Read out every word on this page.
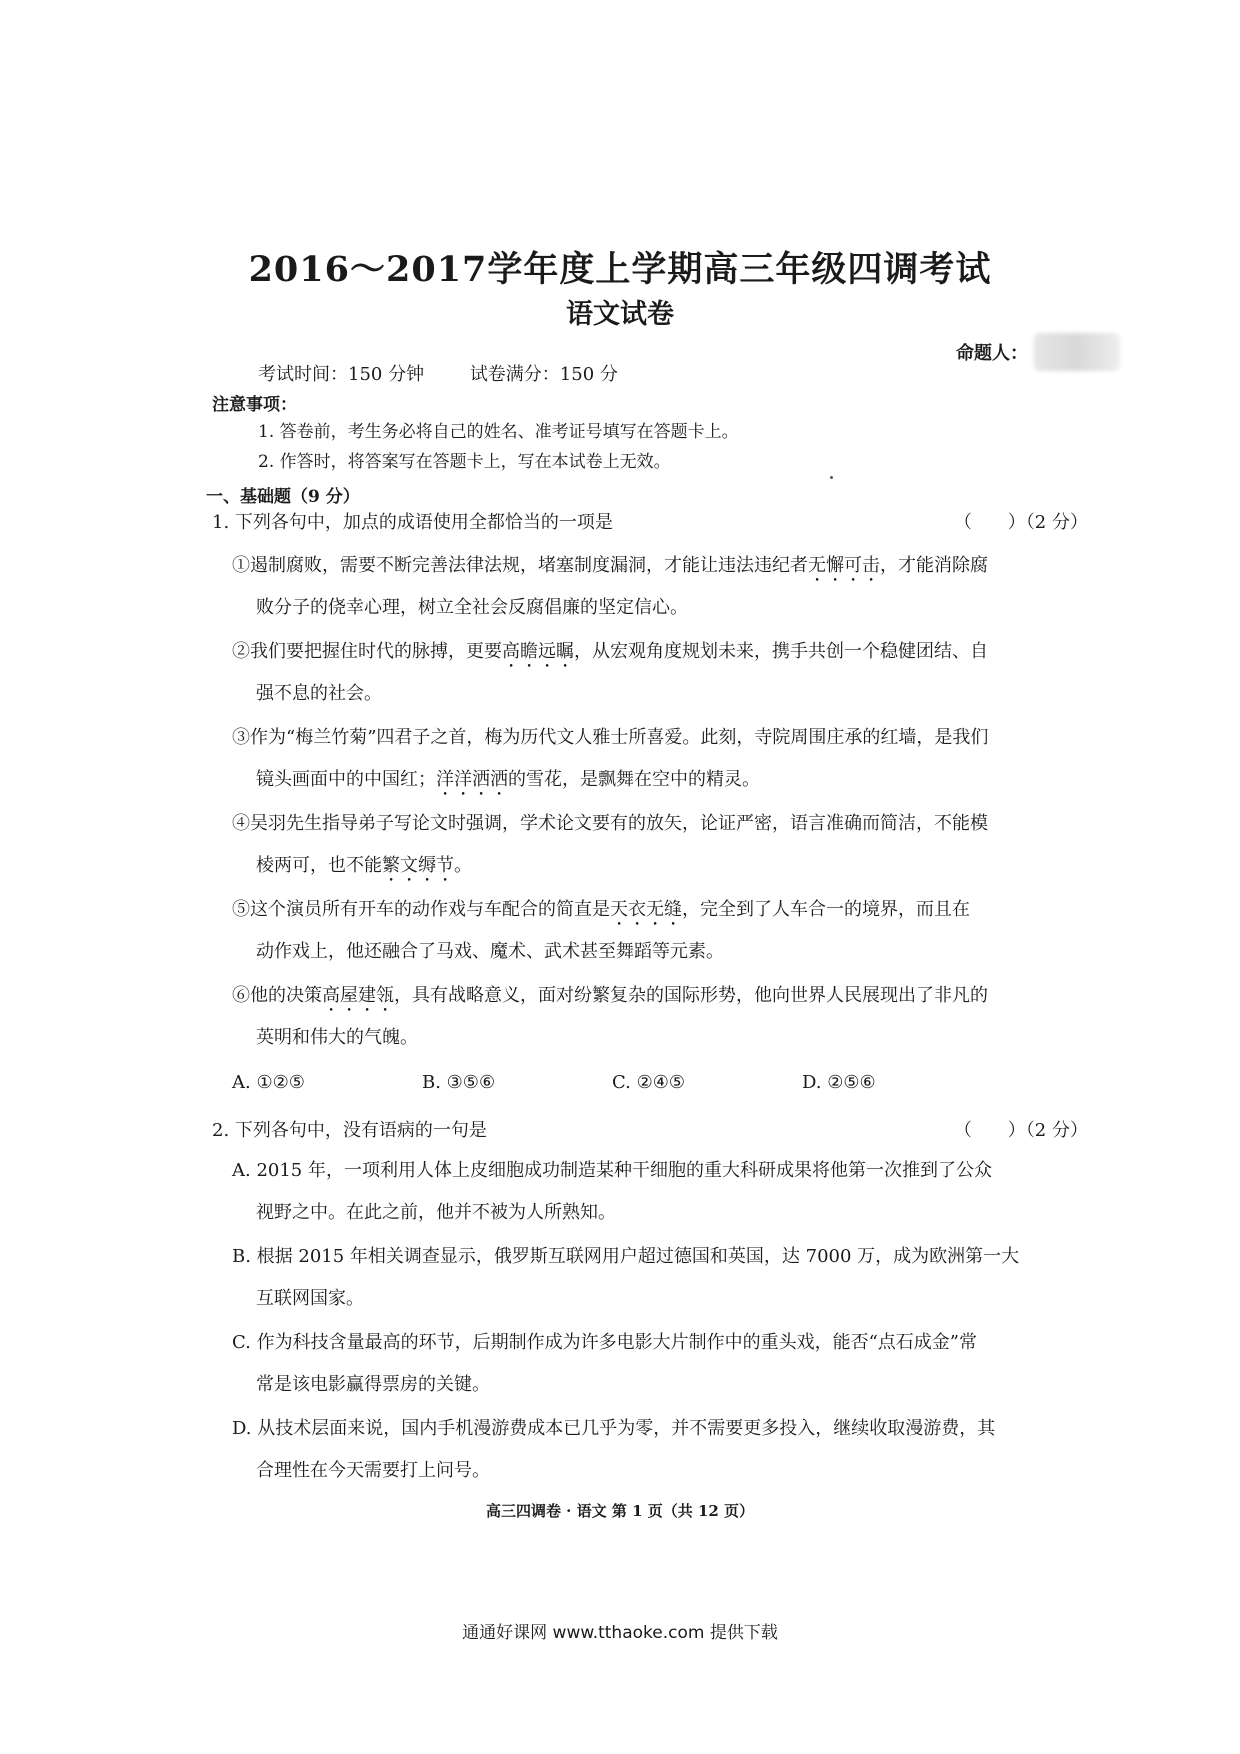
2016～2017学年度上学期高三年级四调考试
语文试卷
命题人：
考试时间：150 分钟	试卷满分：150 分
注意事项：
1. 答卷前，考生务必将自己的姓名、准考证号填写在答题卡上。
2. 作答时，将答案写在答题卡上，写在本试卷上无效。
一、基础题（9 分）
1. 下列各句中，加点的成语使用全都恰当的一项是	（　　）（2 分）
①遏制腐败，需要不断完善法律法规，堵塞制度漏洞，才能让违法违纪者无懈可击，才能消除腐
败分子的侥幸心理，树立全社会反腐倡廉的坚定信心。
②我们要把握住时代的脉搏，更要高瞻远瞩，从宏观角度规划未来，携手共创一个稳健团结、自
强不息的社会。
③作为“梅兰竹菊”四君子之首，梅为历代文人雅士所喜爱。此刻，寺院周围庄承的红墙，是我们
镜头画面中的中国红；洋洋洒洒的雪花，是飘舞在空中的精灵。
④吴羽先生指导弟子写论文时强调，学术论文要有的放矢，论证严密，语言准确而简洁，不能模
棱两可，也不能繁文缛节。
⑤这个演员所有开车的动作戏与车配合的简直是天衣无缝，完全到了人车合一的境界，而且在
动作戏上，他还融合了马戏、魔术、武术甚至舞蹈等元素。
⑥他的决策高屋建瓴，具有战略意义，面对纷繁复杂的国际形势，他向世界人民展现出了非凡的
英明和伟大的气魄。
A. ①②⑤	B. ③⑤⑥	C. ②④⑤	D. ②⑤⑥
2. 下列各句中，没有语病的一句是	（　　）（2 分）
A. 2015 年，一项利用人体上皮细胞成功制造某种干细胞的重大科研成果将他第一次推到了公众
视野之中。在此之前，他并不被为人所熟知。
B. 根据 2015 年相关调查显示，俄罗斯互联网用户超过德国和英国，达 7000 万，成为欧洲第一大
互联网国家。
C. 作为科技含量最高的环节，后期制作成为许多电影大片制作中的重头戏，能否“点石成金”常
常是该电影赢得票房的关键。
D. 从技术层面来说，国内手机漫游费成本已几乎为零，并不需要更多投入，继续收取漫游费，其
合理性在今天需要打上问号。
高三四调卷 · 语文 第 1 页（共 12 页）
通通好课网 www.tthaoke.com 提供下载
